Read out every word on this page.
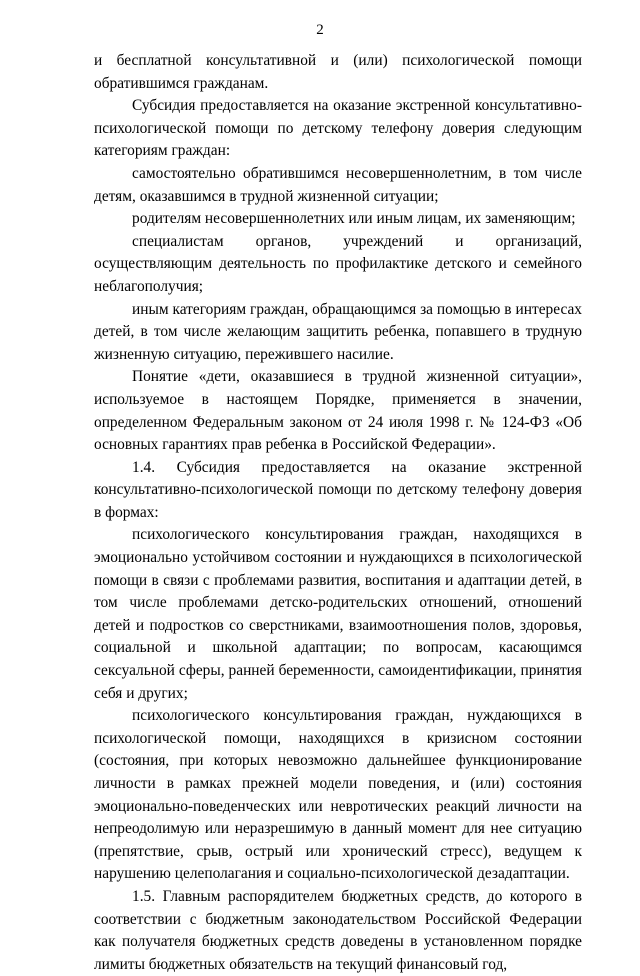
2

и бесплатной консультативной и (или) психологической помощи обратившимся гражданам.

Субсидия предоставляется на оказание экстренной консультативно-психологической помощи по детскому телефону доверия следующим категориям граждан:

самостоятельно обратившимся несовершеннолетним, в том числе детям, оказавшимся в трудной жизненной ситуации;

родителям несовершеннолетних или иным лицам, их заменяющим;

специалистам органов, учреждений и организаций, осуществляющим деятельность по профилактике детского и семейного неблагополучия;

иным категориям граждан, обращающимся за помощью в интересах детей, в том числе желающим защитить ребенка, попавшего в трудную жизненную ситуацию, пережившего насилие.

Понятие «дети, оказавшиеся в трудной жизненной ситуации», используемое в настоящем Порядке, применяется в значении, определенном Федеральным законом от 24 июля 1998 г. № 124-ФЗ «Об основных гарантиях прав ребенка в Российской Федерации».

1.4. Субсидия предоставляется на оказание экстренной консультативно-психологической помощи по детскому телефону доверия в формах:

психологического консультирования граждан, находящихся в эмоционально устойчивом состоянии и нуждающихся в психологической помощи в связи с проблемами развития, воспитания и адаптации детей, в том числе проблемами детско-родительских отношений, отношений детей и подростков со сверстниками, взаимоотношения полов, здоровья, социальной и школьной адаптации; по вопросам, касающимся сексуальной сферы, ранней беременности, самоидентификации, принятия себя и других;

психологического консультирования граждан, нуждающихся в психологической помощи, находящихся в кризисном состоянии (состояния, при которых невозможно дальнейшее функционирование личности в рамках прежней модели поведения, и (или) состояния эмоционально-поведенческих или невротических реакций личности на непреодолимую или неразрешимую в данный момент для нее ситуацию (препятствие, срыв, острый или хронический стресс), ведущем к нарушению целеполагания и социально-психологической дезадаптации.

1.5. Главным распорядителем бюджетных средств, до которого в соответствии с бюджетным законодательством Российской Федерации как получателя бюджетных средств доведены в установленном порядке лимиты бюджетных обязательств на текущий финансовый год,
